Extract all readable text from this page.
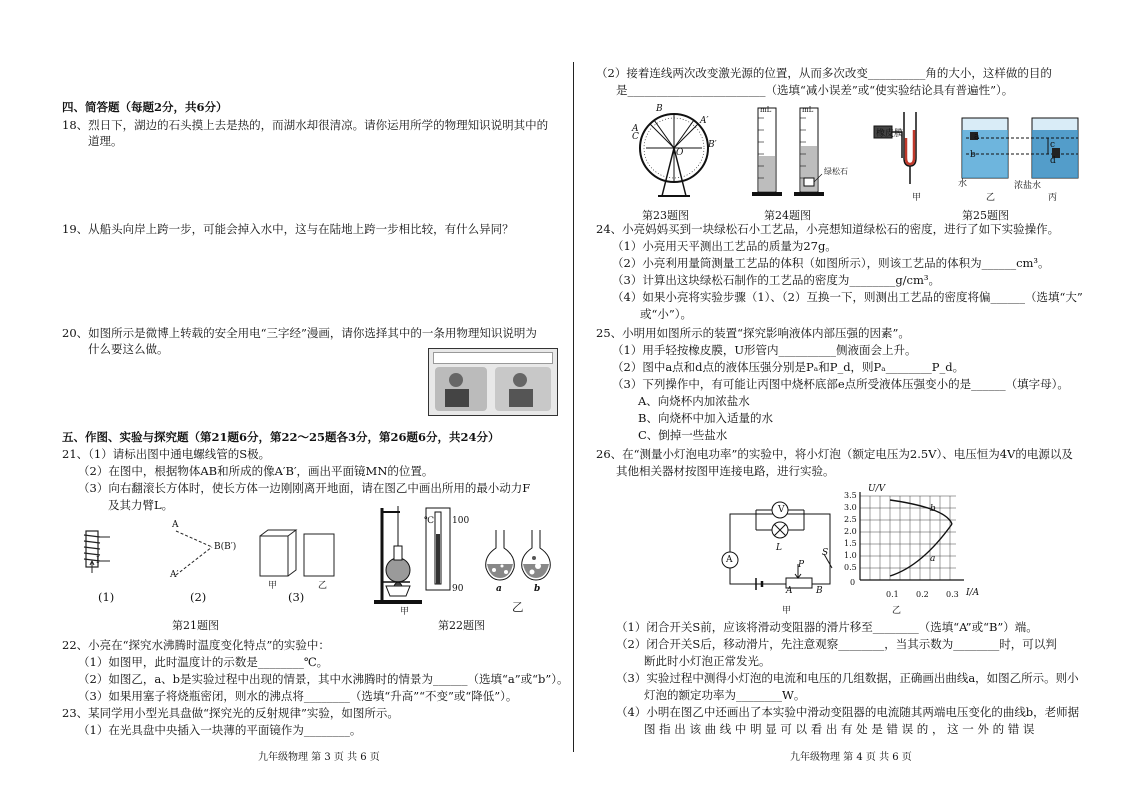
四、简答题（每题2分，共6分）
18、烈日下，湖边的石头摸上去是热的，而湖水却很清凉。请你运用所学的物理知识说明其中的
道理。
19、从船头向岸上跨一步，可能会掉入水中，这与在陆地上跨一步相比较，有什么异同？
20、如图所示是微博上转载的安全用电“三字经”漫画，请你选择其中的一条用物理知识说明为
什么要这么做。
五、作图、实验与探究题（第21题6分，第22～25题各3分，第26题6分，共24分）
21、（1）请标出图中通电螺线管的S极。
（2）在图中，根据物体AB和所成的像A′B′，画出平面镜MN的位置。
（3）向右翻滚长方体时，使长方体一边刚刚离开地面，请在图乙中画出所用的最小动力F
及其力臂L。
I
A
B(B′)
A′
甲	乙
(1)	(2)	(3)
℃ 100
90
甲
a	b
乙
第21题图	第22题图
22、小亮在“探究水沸腾时温度变化特点”的实验中：
（1）如图甲，此时温度计的示数是________℃。
（2）如图乙，a、b是实验过程中出现的情景，其中水沸腾时的情景为______（选填“a”或“b”）。
（3）如果用塞子将烧瓶密闭，则水的沸点将________（选填“升高”“不变”或“降低”）。
23、某同学用小型光具盘做“探究光的反射规律”实验，如图所示。
（1）在光具盘中央插入一块薄的平面镜作为________。
九年级物理 第 3 页 共 6 页
（2）接着连线两次改变激光源的位置，从而多次改变__________角的大小，这样做的目的
是________________________（选填“减小误差”或“使实验结论具有普遍性”）。
B
A′
A
C
B′
O
mL	mL
绿松石
橡皮膜
甲
a
b
c
d
水
乙
浓盐水
丙
第23题图	第24题图	第25题图
24、小亮妈妈买到一块绿松石小工艺品，小亮想知道绿松石的密度，进行了如下实验操作。
（1）小亮用天平测出工艺品的质量为27g。
（2）小亮利用量筒测量工艺品的体积（如图所示），则该工艺品的体积为______cm³。
（3）计算出这块绿松石制作的工艺品的密度为________g/cm³。
（4）如果小亮将实验步骤（1）、（2）互换一下，则测出工艺品的密度将偏______（选填“大”
或“小”）。
25、小明用如图所示的装置“探究影响液体内部压强的因素”。
（1）用手轻按橡皮膜，U形管内__________侧液面会上升。
（2）图中a点和d点的液体压强分别是Pₐ和P_d，则Pₐ________P_d。
（3）下列操作中，有可能让丙图中烧杯底部e点所受液体压强变小的是______（填字母）。
A、向烧杯内加浓盐水
B、向烧杯中加入适量的水
C、倒掉一些盐水
26、在“测量小灯泡电功率”的实验中，将小灯泡（额定电压为2.5V）、电压恒为4V的电源以及
其他相关器材按图甲连接电路，进行实验。
V
A
L	S
P
A	B
甲
U/V
I/A
b
a
3.5
3.0
2.5
2.0
1.5
1.0
0.5
0
0.1 0.2 0.3
乙
（1）闭合开关S前，应该将滑动变阻器的滑片移至________（选填“A”或“B”）端。
（2）闭合开关S后，移动滑片，先注意观察________，当其示数为________时，可以判
断此时小灯泡正常发光。
（3）实验过程中测得小灯泡的电流和电压的几组数据，正确画出曲线a，如图乙所示。则小
灯泡的额定功率为________W。
（4）小明在图乙中还画出了本实验中滑动变阻器的电流随其两端电压变化的曲线b，老师据
图 指 出 该 曲 线 中 明 显 可 以 看 出 有 处 是 错 误 的 ， 这 一 外 的 错 误
九年级物理 第 4 页 共 6 页
